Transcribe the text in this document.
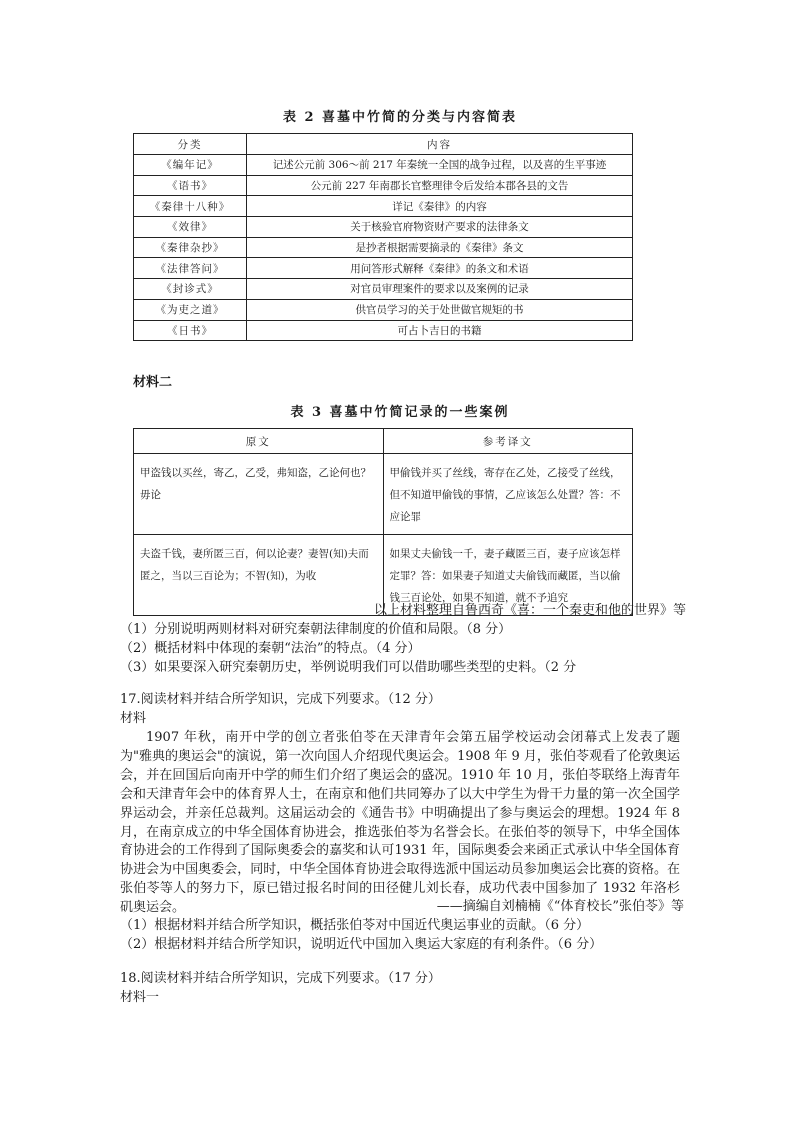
表 2 喜墓中竹简的分类与内容简表
分类	内容
《编年记》	记述公元前 306～前 217 年秦统一全国的战争过程，以及喜的生平事迹
《语书》	公元前 227 年南郡长官整理律令后发给本郡各县的文告
《秦律十八种》	详记《秦律》的内容
《效律》	关于核验官府物资财产要求的法律条文
《秦律杂抄》	是抄者根据需要摘录的《秦律》条文
《法律答问》	用问答形式解释《秦律》的条文和术语
《封诊式》	对官员审理案件的要求以及案例的记录
《为吏之道》	供官员学习的关于处世做官规矩的书
《日书》	可占卜吉日的书籍
材料二
表 3 喜墓中竹简记录的一些案例
原文	参考译文
甲盗钱以买丝，寄乙，乙受，弗知盗，乙论何也？毋论	甲偷钱并买了丝线，寄存在乙处，乙接受了丝线，但不知道甲偷钱的事情，乙应该怎么处置？答：不应论罪
夫盗千钱，妻所匿三百，何以论妻？妻智(知)夫而匿之，当以三百论为；不智(知)，为收	如果丈夫偷钱一千，妻子藏匿三百，妻子应该怎样定罪？答：如果妻子知道丈夫偷钱而藏匿，当以偷钱三百论处，如果不知道，就不予追究
以上材料整理自鲁西奇《喜：一个秦吏和他的世界》等
（1）分别说明两则材料对研究秦朝法律制度的价值和局限。（8 分）
（2）概括材料中体现的秦朝“法治”的特点。（4 分）
（3）如果要深入研究秦朝历史，举例说明我们可以借助哪些类型的史料。（2 分
17.阅读材料并结合所学知识，完成下列要求。（12 分）
材料
1907 年秋，南开中学的创立者张伯苓在天津青年会第五届学校运动会闭幕式上发表了题为"雅典的奥运会"的演说，第一次向国人介绍现代奥运会。1908 年 9 月，张伯苓观看了伦敦奥运会，并在回国后向南开中学的师生们介绍了奥运会的盛况。1910 年 10 月，张伯苓联络上海青年会和天津青年会中的体育界人士，在南京和他们共同筹办了以大中学生为骨干力量的第一次全国学界运动会，并亲任总裁判。这届运动会的《通告书》中明确提出了参与奥运会的理想。1924 年 8 月，在南京成立的中华全国体育协进会，推选张伯苓为名誉会长。在张伯苓的领导下，中华全国体育协进会的工作得到了国际奥委会的嘉奖和认可1931 年，国际奥委会来函正式承认中华全国体育协进会为中国奥委会，同时，中华全国体育协进会取得选派中国运动员参加奥运会比赛的资格。在张伯苓等人的努力下，原已错过报名时间的田径健儿刘长春，成功代表中国参加了 1932 年洛杉矶奥运会。	——摘编自刘楠楠《“体育校长”张伯苓》等
（1）根据材料并结合所学知识，概括张伯苓对中国近代奥运事业的贡献。（6 分）
（2）根据材料并结合所学知识，说明近代中国加入奥运大家庭的有利条件。（6 分）
18.阅读材料并结合所学知识，完成下列要求。（17 分）
材料一
